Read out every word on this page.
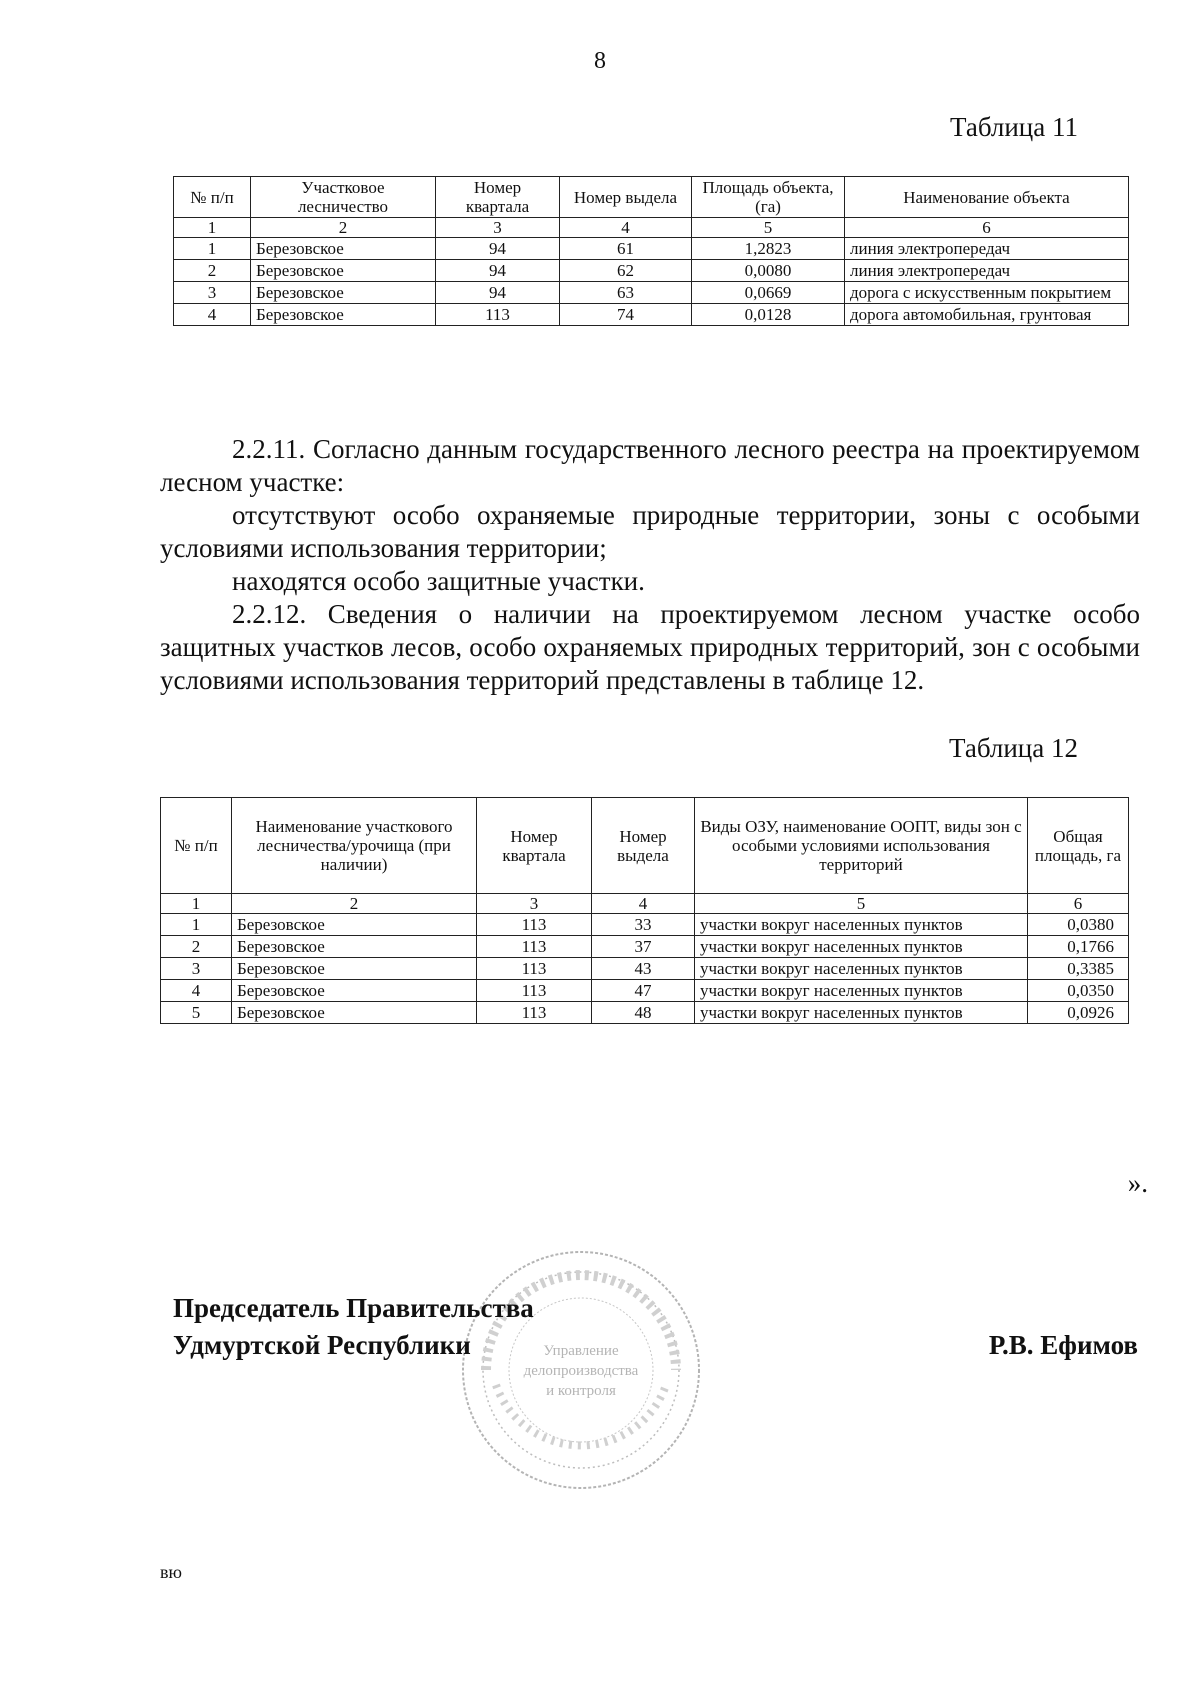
8
Таблица 11
№ п/п	Участковое лесничество	Номер квартала	Номер выдела	Площадь объекта, (га)	Наименование объекта
1	2	3	4	5	6
1	Березовское	94	61	1,2823	линия электропередач
2	Березовское	94	62	0,0080	линия электропередач
3	Березовское	94	63	0,0669	дорога с искусственным покрытием
4	Березовское	113	74	0,0128	дорога автомобильная, грунтовая

2.2.11. Согласно данным государственного лесного реестра на проектируемом лесном участке:

отсутствуют особо охраняемые природные территории, зоны с особыми условиями использования территории;

находятся особо защитные участки.

2.2.12. Сведения о наличии на проектируемом лесном участке особо защитных участков лесов, особо охраняемых природных территорий, зон с особыми условиями использования территорий представлены в таблице 12.

Таблица 12
№ п/п	Наименование участкового лесничества/урочища (при наличии)	Номер квартала	Номер выдела	Виды ОЗУ, наименование ООПТ, виды зон с особыми условиями использования территорий	Общая площадь, га
1	2	3	4	5	6
1	Березовское	113	33	участки вокруг населенных пунктов	0,0380
2	Березовское	113	37	участки вокруг населенных пунктов	0,1766
3	Березовское	113	43	участки вокруг населенных пунктов	0,3385
4	Березовское	113	47	участки вокруг населенных пунктов	0,0350
5	Березовское	113	48	участки вокруг населенных пунктов	0,0926
».
Управление
делопроизводства
и контроля
Председатель Правительства
Удмуртской Республики	Р.В. Ефимов
вю
